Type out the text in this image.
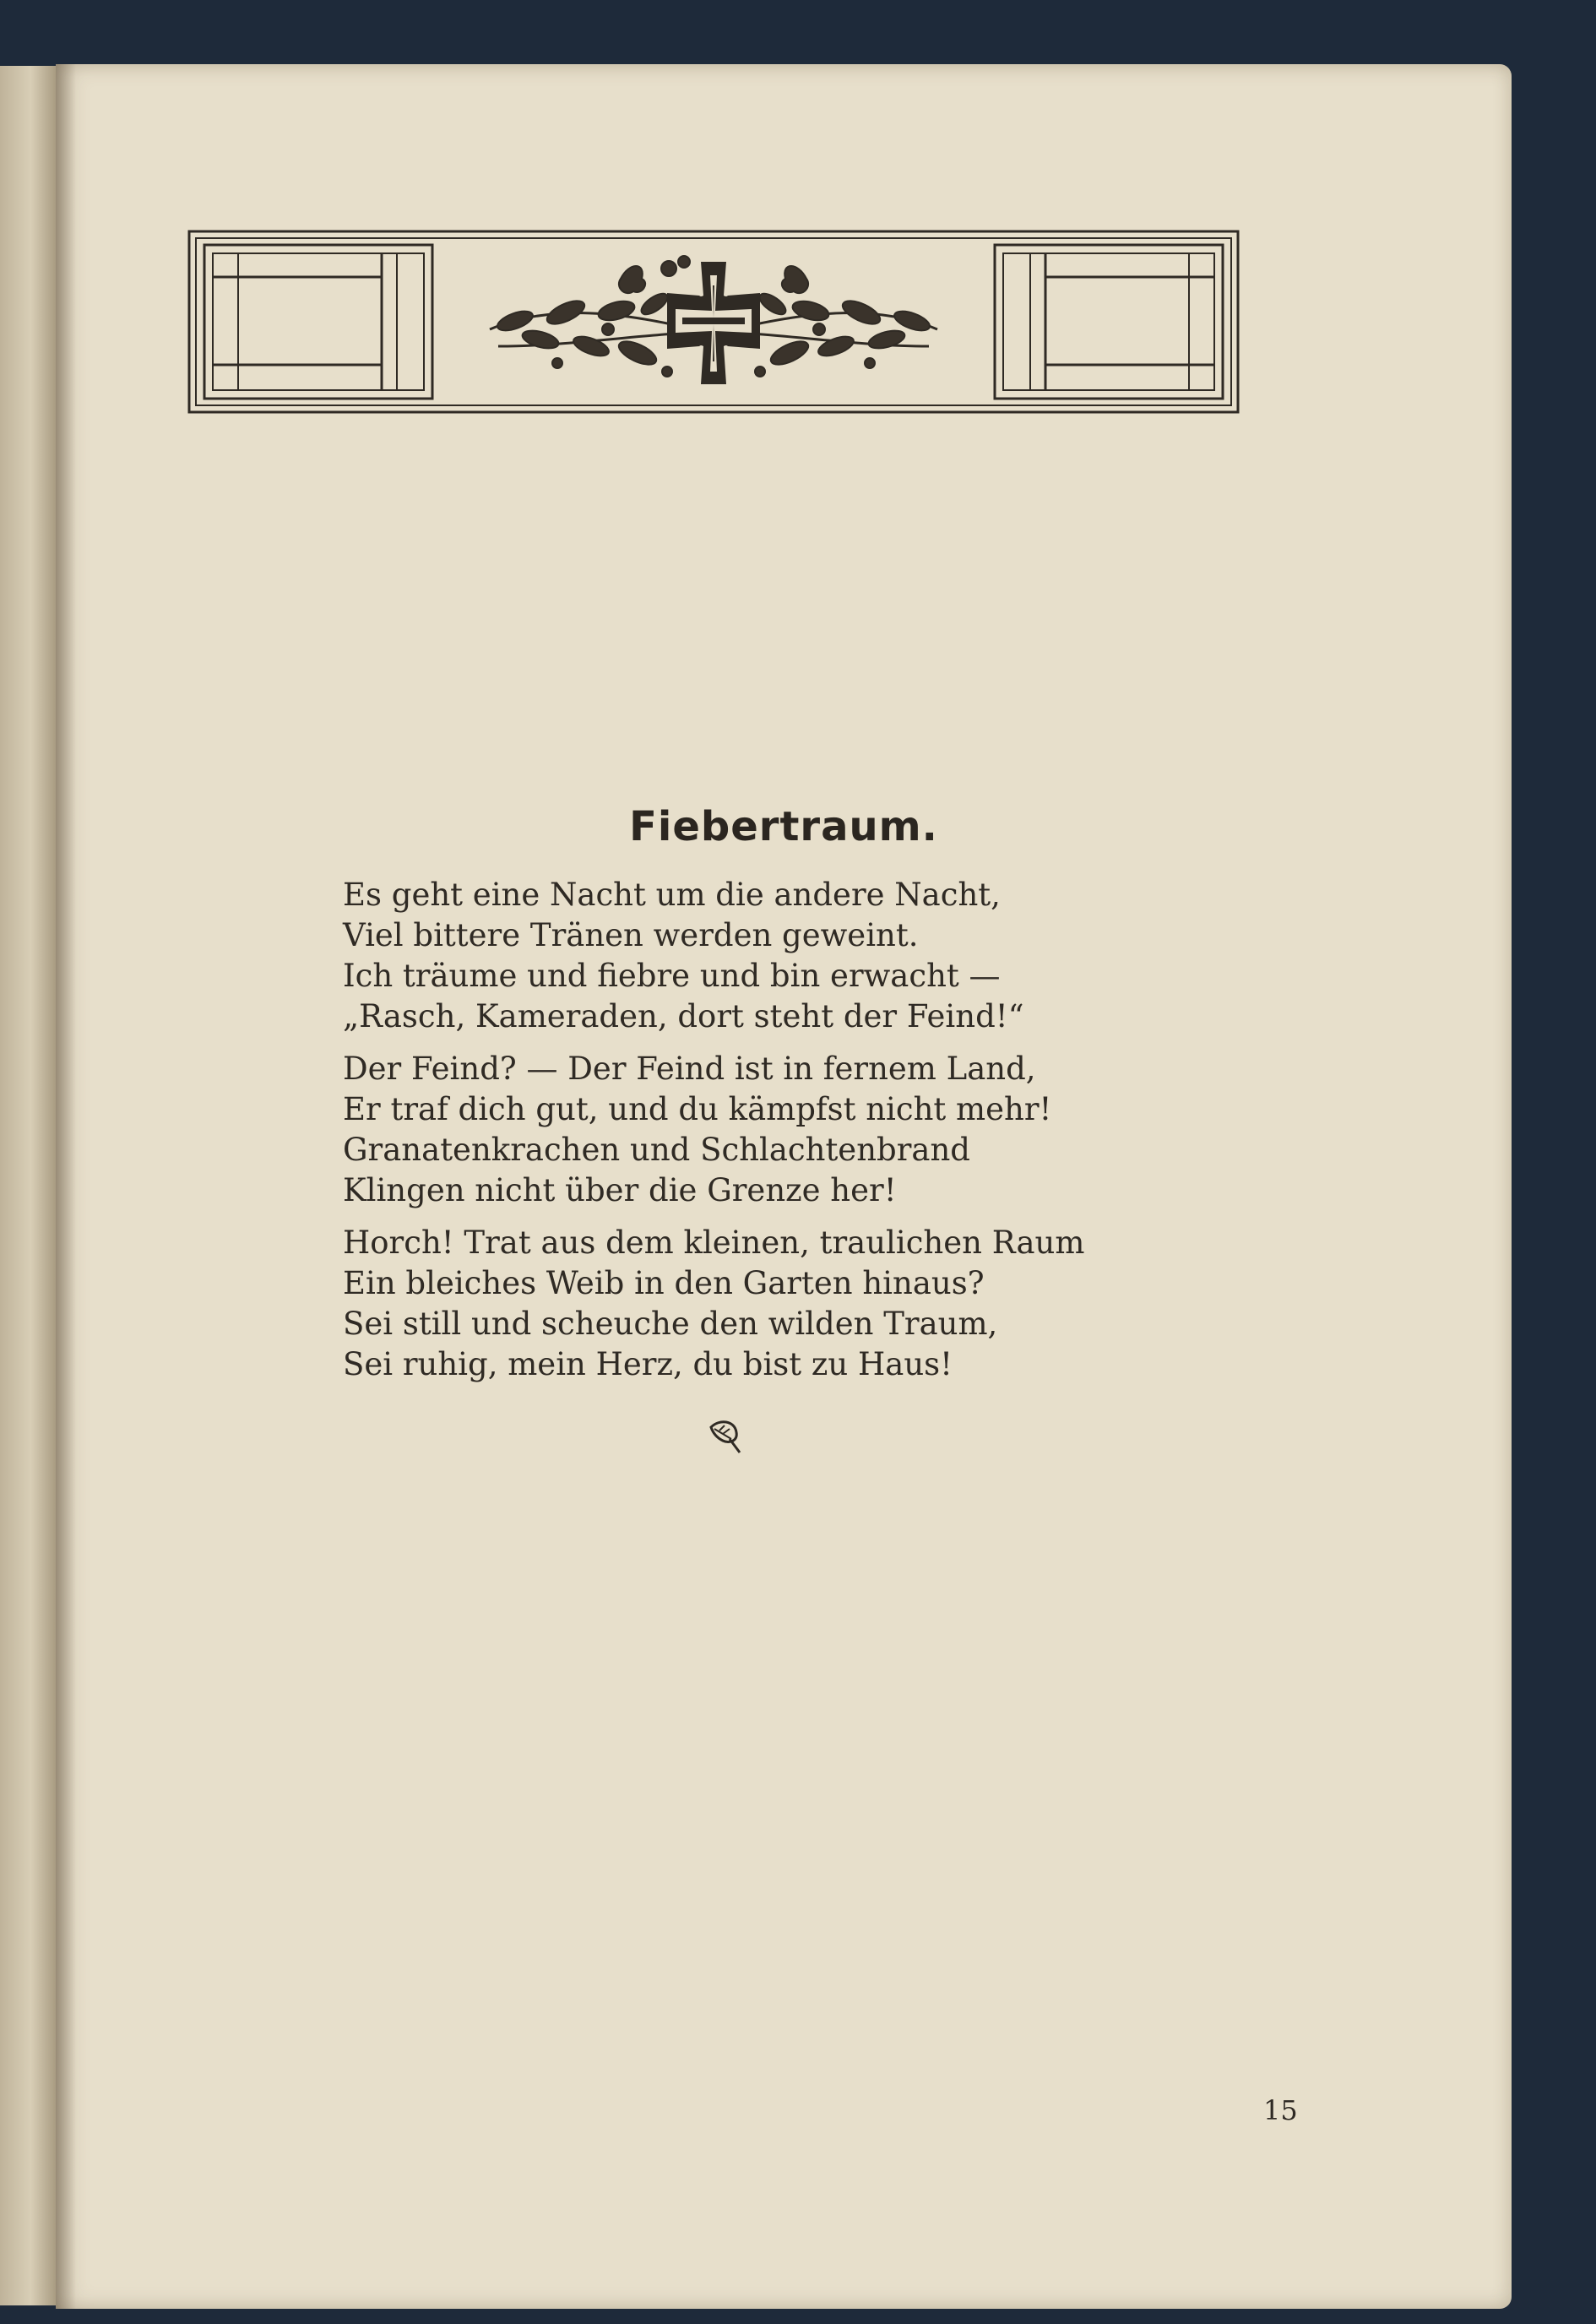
Fiebertraum.
Es geht eine Nacht um die andere Nacht,
Viel bittere Tränen werden geweint.
Ich träume und fiebre und bin erwacht —
„Rasch, Kameraden, dort steht der Feind!“
Der Feind? — Der Feind ist in fernem Land,
Er traf dich gut, und du kämpfst nicht mehr!
Granatenkrachen und Schlachtenbrand
Klingen nicht über die Grenze her!
Horch! Trat aus dem kleinen, traulichen Raum
Ein bleiches Weib in den Garten hinaus?
Sei still und scheuche den wilden Traum,
Sei ruhig, mein Herz, du bist zu Haus!
15
